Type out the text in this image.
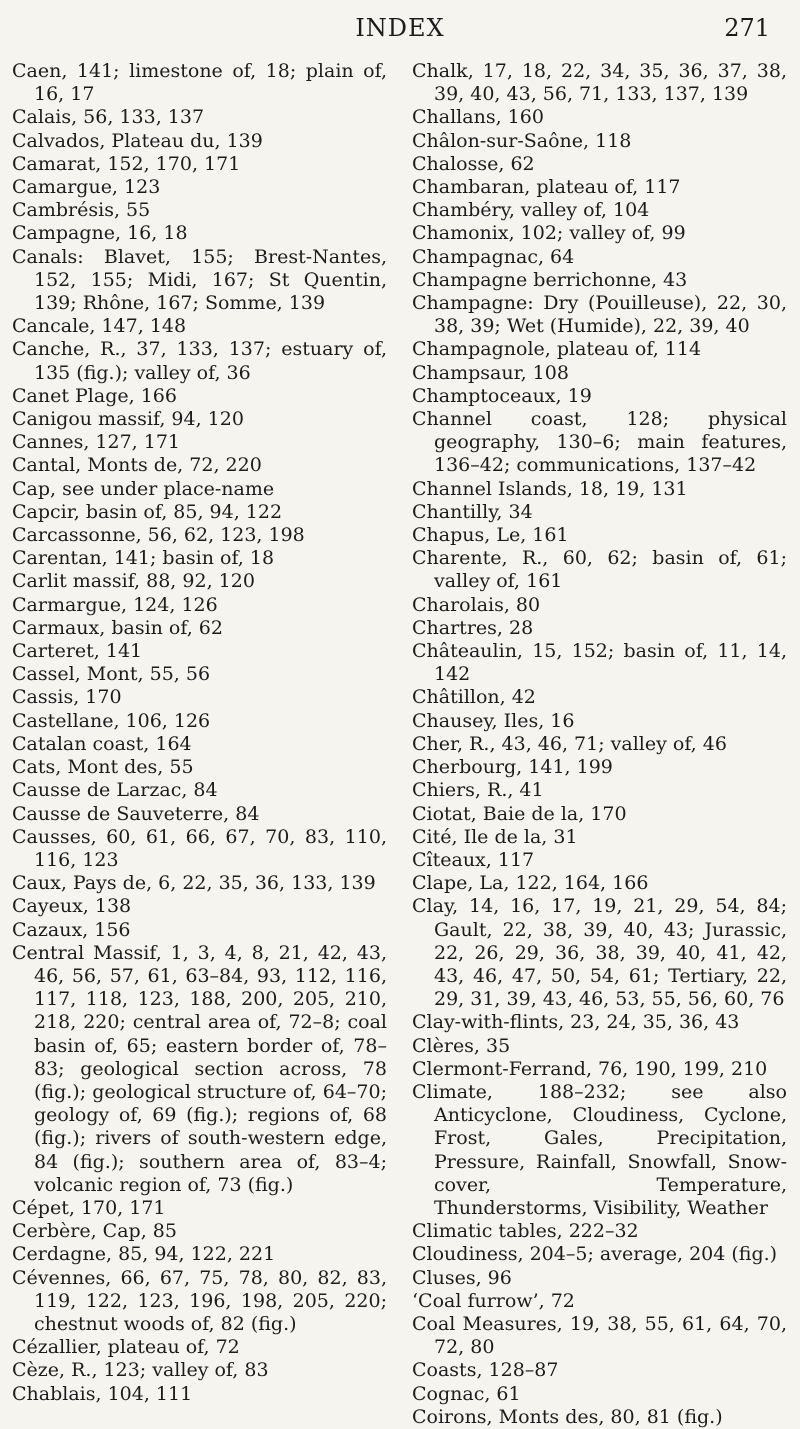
INDEX	271

Caen, 141; limestone of, 18; plain of, 16, 17

Calais, 56, 133, 137

Calvados, Plateau du, 139

Camarat, 152, 170, 171

Camargue, 123

Cambrésis, 55

Campagne, 16, 18

Canals: Blavet, 155; Brest-Nantes, 152, 155; Midi, 167; St Quentin, 139; Rhône, 167; Somme, 139

Cancale, 147, 148

Canche, R., 37, 133, 137; estuary of, 135 (fig.); valley of, 36

Canet Plage, 166

Canigou massif, 94, 120

Cannes, 127, 171

Cantal, Monts de, 72, 220

Cap, see under place-name

Capcir, basin of, 85, 94, 122

Carcassonne, 56, 62, 123, 198

Carentan, 141; basin of, 18

Carlit massif, 88, 92, 120

Carmargue, 124, 126

Carmaux, basin of, 62

Carteret, 141

Cassel, Mont, 55, 56

Cassis, 170

Castellane, 106, 126

Catalan coast, 164

Cats, Mont des, 55

Causse de Larzac, 84

Causse de Sauveterre, 84

Causses, 60, 61, 66, 67, 70, 83, 110, 116, 123

Caux, Pays de, 6, 22, 35, 36, 133, 139

Cayeux, 138

Cazaux, 156

Central Massif, 1, 3, 4, 8, 21, 42, 43, 46, 56, 57, 61, 63–84, 93, 112, 116, 117, 118, 123, 188, 200, 205, 210, 218, 220; central area of, 72–8; coal basin of, 65; eastern border of, 78–83; geological section across, 78 (fig.); geological structure of, 64–70; geology of, 69 (fig.); regions of, 68 (fig.); rivers of south-western edge, 84 (fig.); southern area of, 83–4; volcanic region of, 73 (fig.)

Cépet, 170, 171

Cerbère, Cap, 85

Cerdagne, 85, 94, 122, 221

Cévennes, 66, 67, 75, 78, 80, 82, 83, 119, 122, 123, 196, 198, 205, 220; chestnut woods of, 82 (fig.)

Cézallier, plateau of, 72

Cèze, R., 123; valley of, 83

Chablais, 104, 111

Chalk, 17, 18, 22, 34, 35, 36, 37, 38, 39, 40, 43, 56, 71, 133, 137, 139

Challans, 160

Châlon-sur-Saône, 118

Chalosse, 62

Chambaran, plateau of, 117

Chambéry, valley of, 104

Chamonix, 102; valley of, 99

Champagnac, 64

Champagne berrichonne, 43

Champagne: Dry (Pouilleuse), 22, 30, 38, 39; Wet (Humide), 22, 39, 40

Champagnole, plateau of, 114

Champsaur, 108

Champtoceaux, 19

Channel coast, 128; physical geography, 130–6; main features, 136–42; communications, 137–42

Channel Islands, 18, 19, 131

Chantilly, 34

Chapus, Le, 161

Charente, R., 60, 62; basin of, 61; valley of, 161

Charolais, 80

Chartres, 28

Châteaulin, 15, 152; basin of, 11, 14, 142

Châtillon, 42

Chausey, Iles, 16

Cher, R., 43, 46, 71; valley of, 46

Cherbourg, 141, 199

Chiers, R., 41

Ciotat, Baie de la, 170

Cité, Ile de la, 31

Cîteaux, 117

Clape, La, 122, 164, 166

Clay, 14, 16, 17, 19, 21, 29, 54, 84; Gault, 22, 38, 39, 40, 43; Jurassic, 22, 26, 29, 36, 38, 39, 40, 41, 42, 43, 46, 47, 50, 54, 61; Tertiary, 22, 29, 31, 39, 43, 46, 53, 55, 56, 60, 76

Clay-with-flints, 23, 24, 35, 36, 43

Clères, 35

Clermont-Ferrand, 76, 190, 199, 210

Climate, 188–232; see also Anticyclone, Cloudiness, Cyclone, Frost, Gales, Precipitation, Pressure, Rainfall, Snowfall, Snow-cover, Temperature, Thunderstorms, Visibility, Weather

Climatic tables, 222–32

Cloudiness, 204–5; average, 204 (fig.)

Cluses, 96

‘Coal furrow’, 72

Coal Measures, 19, 38, 55, 61, 64, 70, 72, 80

Coasts, 128–87

Cognac, 61

Coirons, Monts des, 80, 81 (fig.)
